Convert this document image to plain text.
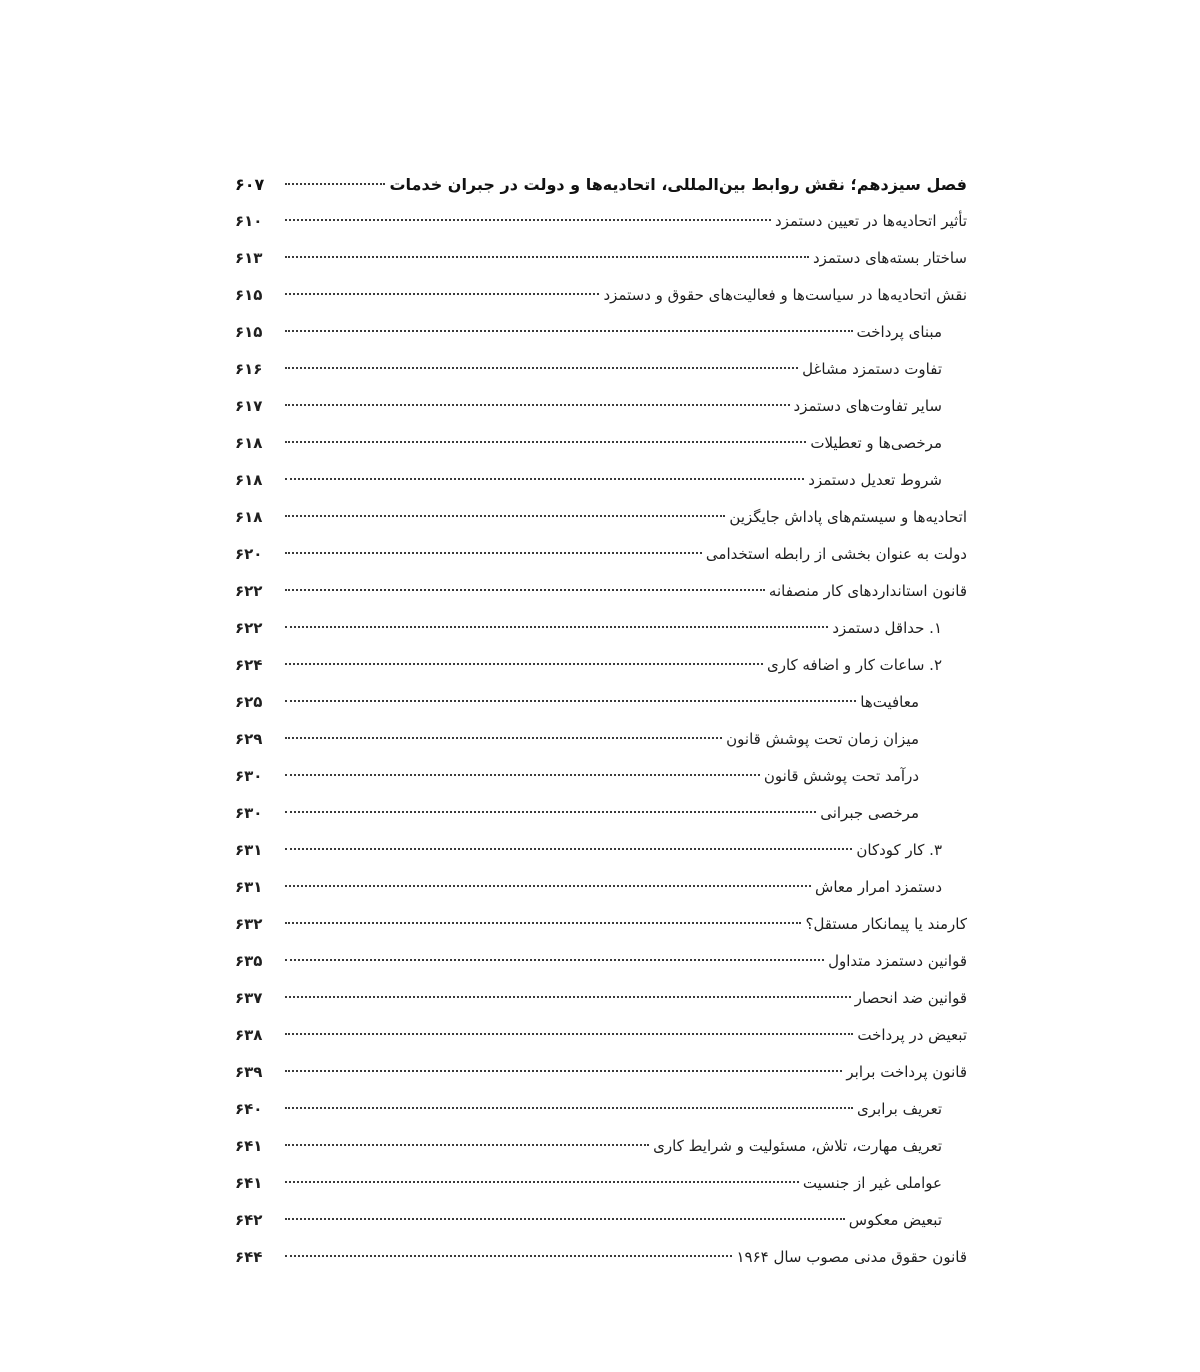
فصل سیزدهم؛ نقش روابط بین‌المللی، اتحادیه‌ها و دولت در جبران خدمات
۶۰۷
تأثیر اتحادیه‌ها در تعیین دستمزد
۶۱۰
ساختار بسته‌های دستمزد
۶۱۳
نقش اتحادیه‌ها در سیاست‌ها و فعالیت‌های حقوق و دستمزد
۶۱۵
مبنای پرداخت
۶۱۵
تفاوت دستمزد مشاغل
۶۱۶
سایر تفاوت‌های دستمزد
۶۱۷
مرخصی‌ها و تعطیلات
۶۱۸
شروط تعدیل دستمزد
۶۱۸
اتحادیه‌ها و سیستم‌های پاداش جایگزین
۶۱۸
دولت به عنوان بخشی از رابطه استخدامی
۶۲۰
قانون استانداردهای کار منصفانه
۶۲۲
۱. حداقل دستمزد
۶۲۲
۲. ساعات کار و اضافه کاری
۶۲۴
معافیت‌ها
۶۲۵
میزان زمان تحت پوشش قانون
۶۲۹
درآمد تحت پوشش قانون
۶۳۰
مرخصی جبرانی
۶۳۰
۳. کار کودکان
۶۳۱
دستمزد امرار معاش
۶۳۱
کارمند یا پیمانکار مستقل؟
۶۳۲
قوانین دستمزد متداول
۶۳۵
قوانین ضد انحصار
۶۳۷
تبعیض در پرداخت
۶۳۸
قانون پرداخت برابر
۶۳۹
تعریف برابری
۶۴۰
تعریف مهارت، تلاش، مسئولیت و شرایط کاری
۶۴۱
عواملی غیر از جنسیت
۶۴۱
تبعیض معکوس
۶۴۲
قانون حقوق مدنی مصوب سال ۱۹۶۴
۶۴۴
